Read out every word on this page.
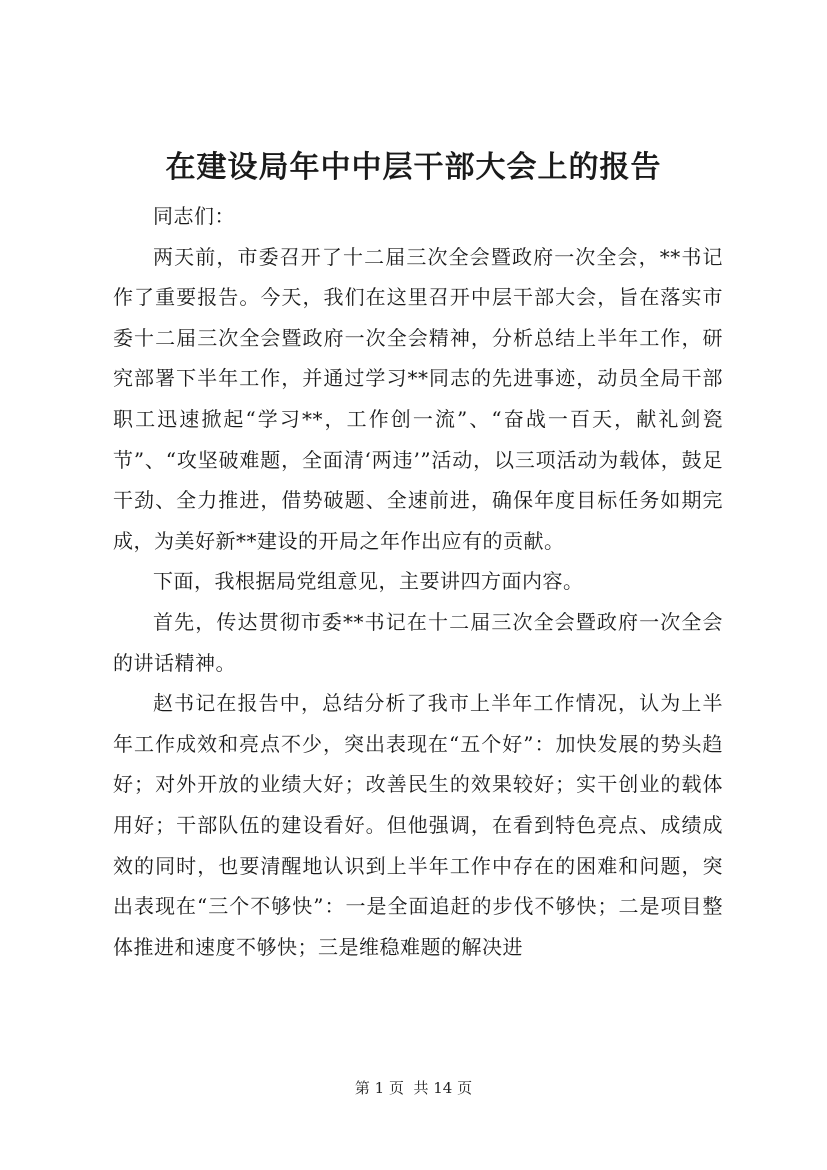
在建设局年中中层干部大会上的报告

同志们：

两天前，市委召开了十二届三次全会暨政府一次全会，**书记作了重要报告。今天，我们在这里召开中层干部大会，旨在落实市委十二届三次全会暨政府一次全会精神，分析总结上半年工作，研究部署下半年工作，并通过学习**同志的先进事迹，动员全局干部职工迅速掀起“学习**，工作创一流”、“奋战一百天，献礼剑瓷节”、“攻坚破难题，全面清‘两违’”活动，以三项活动为载体，鼓足干劲、全力推进，借势破题、全速前进，确保年度目标任务如期完成，为美好新**建设的开局之年作出应有的贡献。

下面，我根据局党组意见，主要讲四方面内容。

首先，传达贯彻市委**书记在十二届三次全会暨政府一次全会的讲话精神。

赵书记在报告中，总结分析了我市上半年工作情况，认为上半年工作成效和亮点不少，突出表现在“五个好”：加快发展的势头趋好；对外开放的业绩大好；改善民生的效果较好；实干创业的载体用好；干部队伍的建设看好。但他强调，在看到特色亮点、成绩成效的同时，也要清醒地认识到上半年工作中存在的困难和问题，突出表现在“三个不够快”：一是全面追赶的步伐不够快；二是项目整体推进和速度不够快；三是维稳难题的解决进

第 1 页  共 14 页
